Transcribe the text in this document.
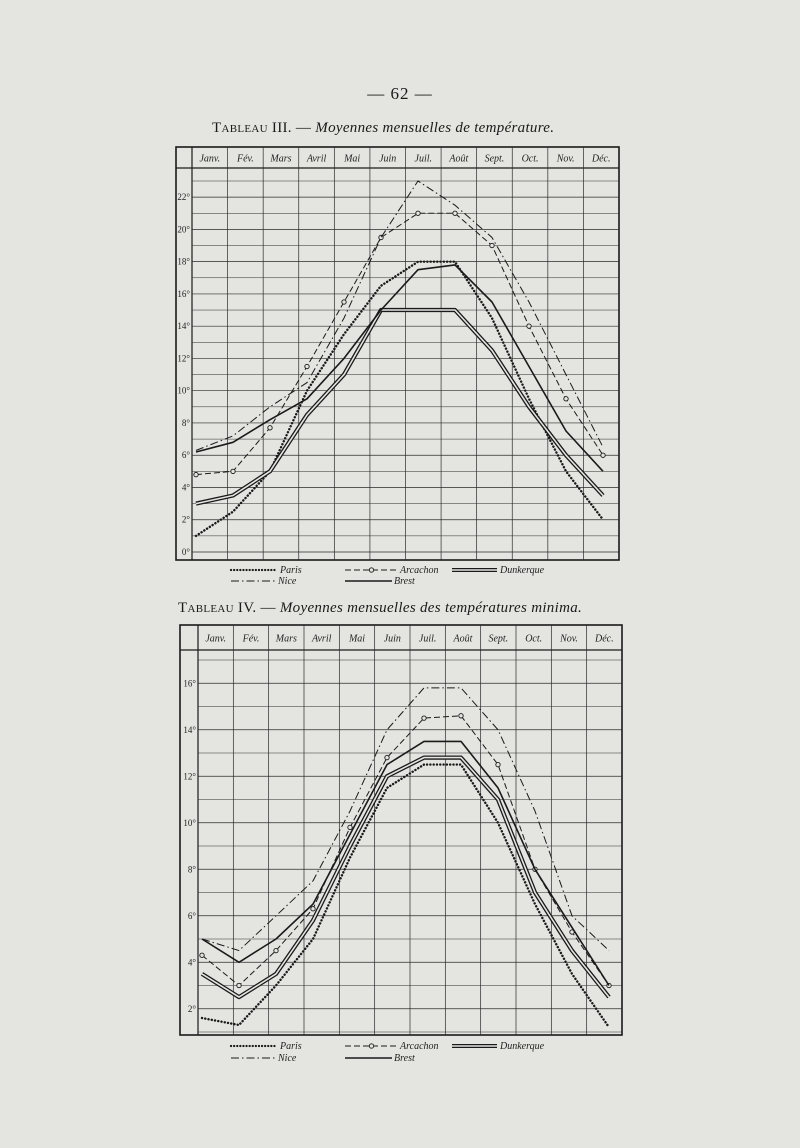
— 62 —
Tableau III. — Moyennes mensuelles de température.
Tableau IV. — Moyennes mensuelles des températures minima.
Janv. Fév. Mars Avril Mai Juin Juil. Août Sept. Oct. Nov. Déc.
0°
2°
4°
6°
8°
10°
12°
14°
16°
18°
20°
22°
Paris	Arcachon	Dunkerque
Nice	Brest
Janv. Fév. Mars Avril Mai Juin Juil. Août Sept. Oct. Nov. Déc.
2°
4°
6°
8°
10°
12°
14°
16°
Paris	Arcachon	Dunkerque
Nice	Brest
